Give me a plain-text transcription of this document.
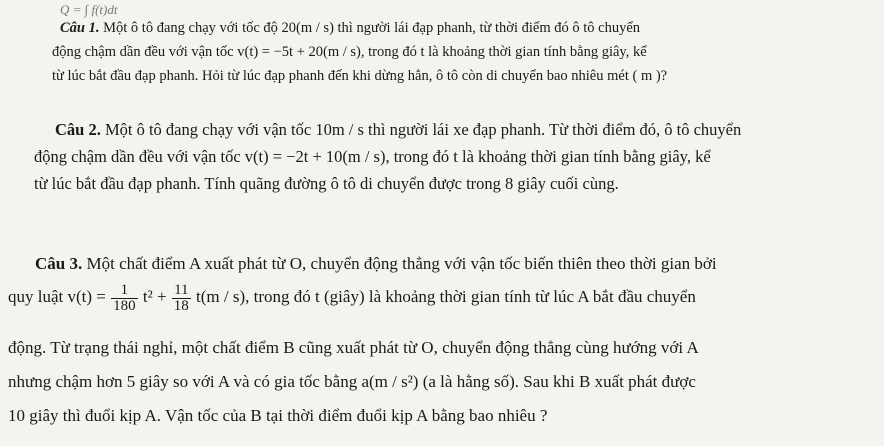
Q = ∫ f(t)dt
Câu 1. Một ô tô đang chạy với tốc độ 20(m / s) thì người lái đạp phanh, từ thời điểm đó ô tô chuyển
động chậm dần đều với vận tốc v(t) = −5t + 20(m / s), trong đó t là khoảng thời gian tính bằng giây, kể
từ lúc bắt đầu đạp phanh. Hỏi từ lúc đạp phanh đến khi dừng hẳn, ô tô còn di chuyển bao nhiêu mét ( m )?
Câu 2. Một ô tô đang chạy với vận tốc 10m / s thì người lái xe đạp phanh. Từ thời điểm đó, ô tô chuyển
động chậm dần đều với vận tốc v(t) = −2t + 10(m / s), trong đó t là khoảng thời gian tính bằng giây, kể
từ lúc bắt đầu đạp phanh. Tính quãng đường ô tô di chuyển được trong 8 giây cuối cùng.
Câu 3. Một chất điểm A xuất phát từ O, chuyển động thẳng với vận tốc biến thiên theo thời gian bởi
quy luật $v(t) = \frac{1}{180} t^2 + \frac{11}{18} t(m / s)$, trong đó t (giây) là khoảng thời gian tính từ lúc A bắt đầu chuyển
động. Từ trạng thái nghỉ, một chất điểm B cũng xuất phát từ O, chuyển động thẳng cùng hướng với A
nhưng chậm hơn 5 giây so với A và có gia tốc bằng a(m / s²) (a là hằng số). Sau khi B xuất phát được
10 giây thì đuổi kịp A. Vận tốc của B tại thời điểm đuổi kịp A bằng bao nhiêu ?
